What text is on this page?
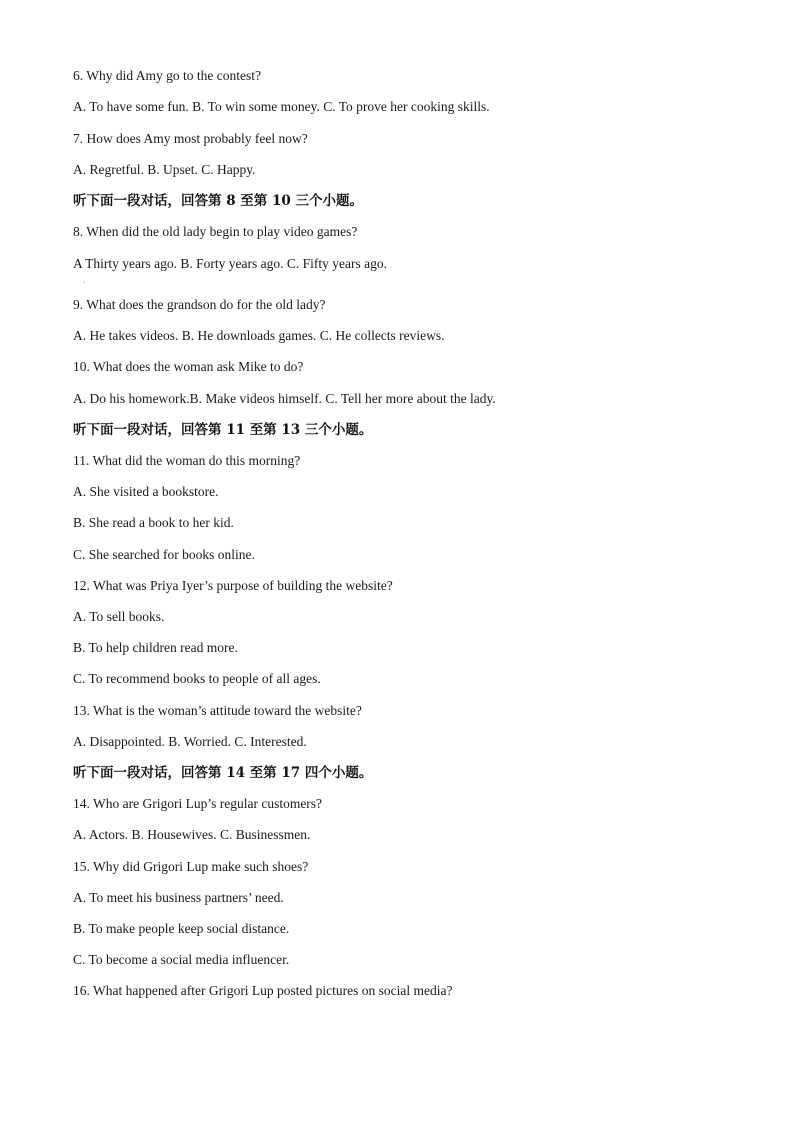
6. Why did Amy go to the contest?
A. To have some fun. B. To win some money. C. To prove her cooking skills.
7. How does Amy most probably feel now?
A. Regretful. B. Upset. C. Happy.
听下面一段对话，回答第 8 至第 10 三个小题。
8. When did the old lady begin to play video games?
A Thirty years ago. B. Forty years ago. C. Fifty years ago.
·
9. What does the grandson do for the old lady?
A. He takes videos. B. He downloads games. C. He collects reviews.
10. What does the woman ask Mike to do?
A. Do his homework.B. Make videos himself. C. Tell her more about the lady.
听下面一段对话，回答第 11 至第 13 三个小题。
11. What did the woman do this morning?
A. She visited a bookstore.
B. She read a book to her kid.
C. She searched for books online.
12. What was Priya Iyer’s purpose of building the website?
A. To sell books.
B. To help children read more.
C. To recommend books to people of all ages.
13. What is the woman’s attitude toward the website?
A. Disappointed. B. Worried. C. Interested.
听下面一段对话，回答第 14 至第 17 四个小题。
14. Who are Grigori Lup’s regular customers?
A. Actors. B. Housewives. C. Businessmen.
15. Why did Grigori Lup make such shoes?
A. To meet his business partners’ need.
B. To make people keep social distance.
C. To become a social media influencer.
16. What happened after Grigori Lup posted pictures on social media?
